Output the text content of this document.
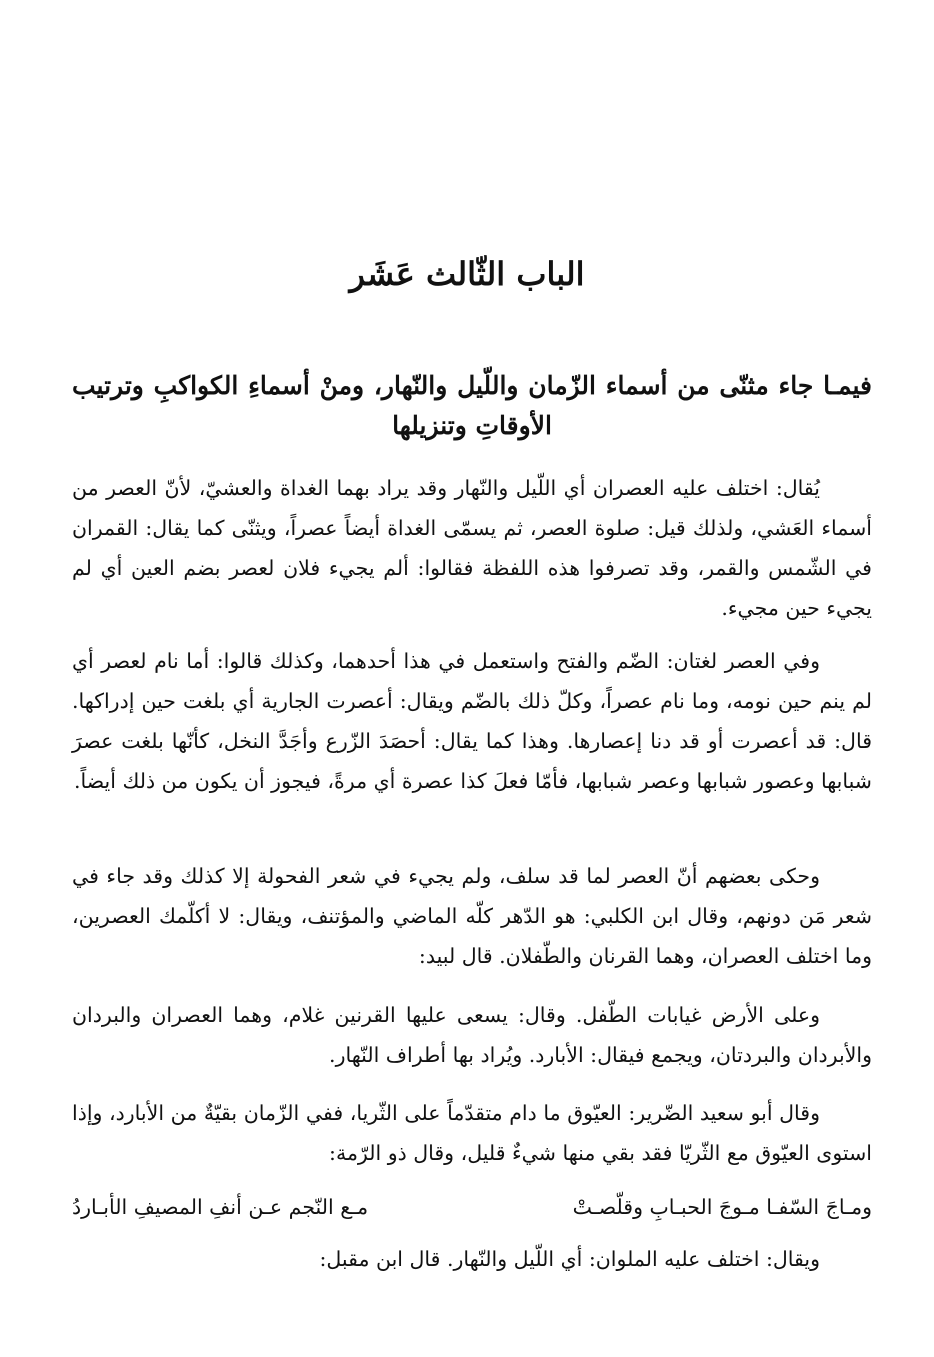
الباب الثّالث عَشَر
فيمـا جاء مثنّى من أسماء الزّمان واللّيل والنّهار، ومنْ أسماءِ الكواكبِ وترتيب الأوقاتِ وتنزيلها

يُقال: اختلف عليه العصران أي اللّيل والنّهار وقد يراد بهما الغداة والعشيّ، لأنّ العصر من أسماء العَشي، ولذلك قيل: صلوة العصر، ثم يسمّى الغداة أيضاً عصراً، ويثنّى كما يقال: القمران في الشّمس والقمر، وقد تصرفوا هذه اللفظة فقالوا: ألم يجيء فلان لعصر بضم العين أي لم يجيء حين مجيء.

وفي العصر لغتان: الضّم والفتح واستعمل في هذا أحدهما، وكذلك قالوا: أما نام لعصر أي لم ينم حين نومه، وما نام عصراً، وكلّ ذلك بالضّم ويقال: أعصرت الجارية أي بلغت حين إدراكها. قال: قد أعصرت أو قد دنا إعصارها. وهذا كما يقال: أحصَدَ الزّرع وأجَدَّ النخل، كأنّها بلغت عصرَ شبابها وعصور شبابها وعصر شبابها، فأمّا فعلَ كذا عصرة أي مرةً، فيجوز أن يكون من ذلك أيضاً.

وحكى بعضهم أنّ العصر لما قد سلف، ولم يجيء في شعر الفحولة إلا كذلك وقد جاء في شعر مَن دونهم، وقال ابن الكلبي: هو الدّهر كلّه الماضي والمؤتنف، ويقال: لا أكلّمك العصرين، وما اختلف العصران، وهما القرنان والطّفلان. قال لبيد:

وعلى الأرض غيابات الطّفل. وقال: يسعى عليها القرنين غلام، وهما العصران والبردان والأبردان والبردتان، ويجمع فيقال: الأبارد. ويُراد بها أطراف النّهار.

وقال أبو سعيد الضّرير: العيّوق ما دام متقدّماً على الثّريا، ففي الزّمان بقيّةٌ من الأبارد، وإذا استوى العيّوق مع الثّريّا فقد بقي منها شيءٌ قليل، وقال ذو الرّمة:

ومـاجَ السّفـا مـوجَ الحبـابِ وقلّصـتْ
مـع النّجم عـن أنفِ المصيفِ الأبـاردُ

ويقال: اختلف عليه الملوان: أي اللّيل والنّهار. قال ابن مقبل:
